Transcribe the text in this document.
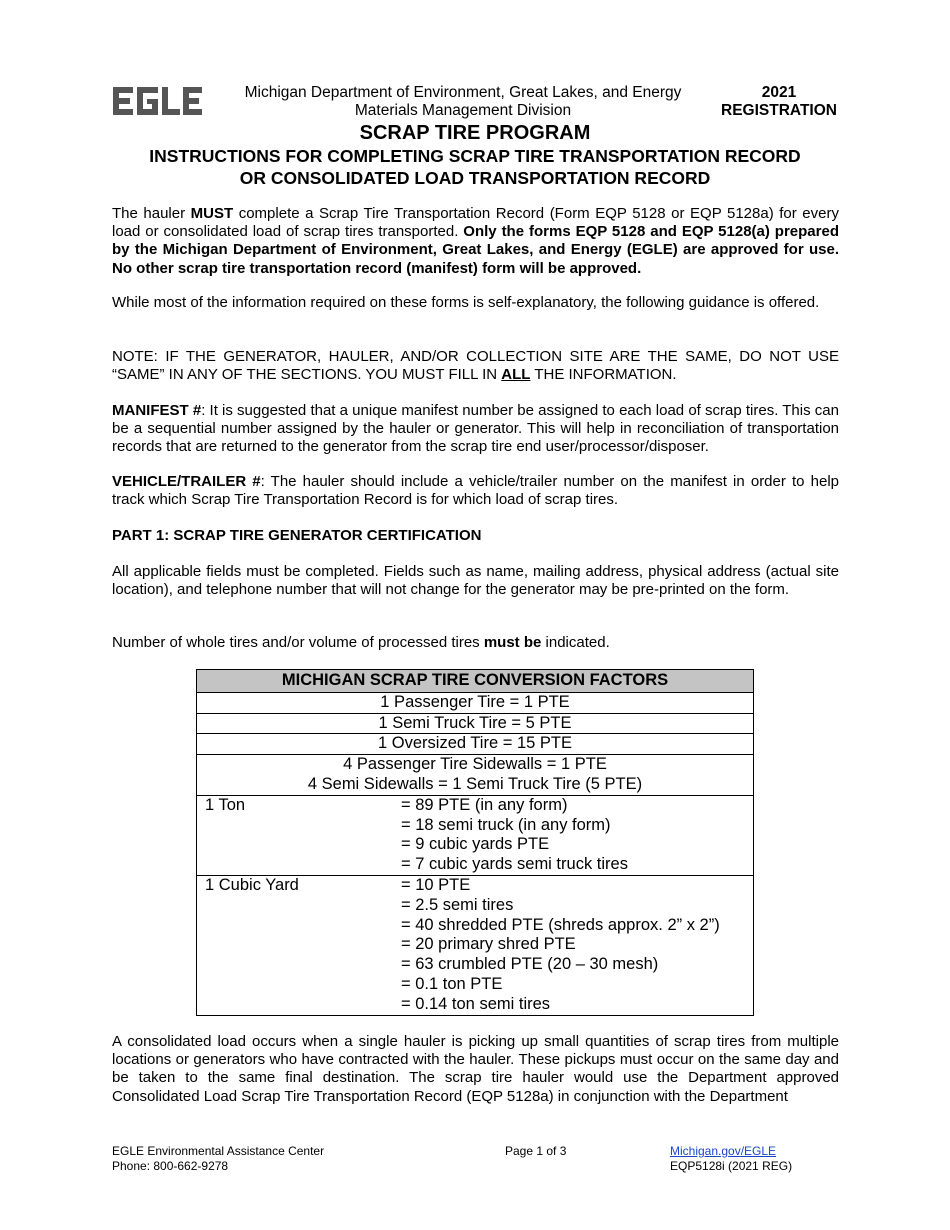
Michigan Department of Environment, Great Lakes, and Energy
Materials Management Division
2021
REGISTRATION
SCRAP TIRE PROGRAM
INSTRUCTIONS FOR COMPLETING SCRAP TIRE TRANSPORTATION RECORD
OR CONSOLIDATED LOAD TRANSPORTATION RECORD

The hauler MUST complete a Scrap Tire Transportation Record (Form EQP 5128 or EQP 5128a) for every load or consolidated load of scrap tires transported. Only the forms EQP 5128 and EQP 5128(a) prepared by the Michigan Department of Environment, Great Lakes, and Energy (EGLE) are approved for use. No other scrap tire transportation record (manifest) form will be approved.

While most of the information required on these forms is self-explanatory, the following guidance is offered.

NOTE: IF THE GENERATOR, HAULER, AND/OR COLLECTION SITE ARE THE SAME, DO NOT USE “SAME” IN ANY OF THE SECTIONS. YOU MUST FILL IN ALL THE INFORMATION.

MANIFEST #: It is suggested that a unique manifest number be assigned to each load of scrap tires. This can be a sequential number assigned by the hauler or generator. This will help in reconciliation of transportation records that are returned to the generator from the scrap tire end user/processor/disposer.

VEHICLE/TRAILER #: The hauler should include a vehicle/trailer number on the manifest in order to help track which Scrap Tire Transportation Record is for which load of scrap tires.

PART 1: SCRAP TIRE GENERATOR CERTIFICATION

All applicable fields must be completed. Fields such as name, mailing address, physical address (actual site location), and telephone number that will not change for the generator may be pre-printed on the form.

Number of whole tires and/or volume of processed tires must be indicated.

MICHIGAN SCRAP TIRE CONVERSION FACTORS
1 Passenger Tire = 1 PTE
1 Semi Truck Tire = 5 PTE
1 Oversized Tire = 15 PTE

4 Passenger Tire Sidewalls = 1 PTE
4 Semi Sidewalls = 1 Semi Truck Tire (5 PTE)

1 Ton	= 89 PTE (in any form)
= 18 semi truck (in any form)
= 9 cubic yards PTE
= 7 cubic yards semi truck tires

1 Cubic Yard	= 10 PTE
= 2.5 semi tires
= 40 shredded PTE (shreds approx. 2” x 2”)
= 20 primary shred PTE
= 63 crumbled PTE (20 – 30 mesh)
= 0.1 ton PTE
= 0.14 ton semi tires

A consolidated load occurs when a single hauler is picking up small quantities of scrap tires from multiple locations or generators who have contracted with the hauler. These pickups must occur on the same day and be taken to the same final destination. The scrap tire hauler would use the Department approved Consolidated Load Scrap Tire Transportation Record (EQP 5128a) in conjunction with the Department

EGLE Environmental Assistance Center
Phone: 800-662-9278
Page 1 of 3	Michigan.gov/EGLE
EQP5128i (2021 REG)
